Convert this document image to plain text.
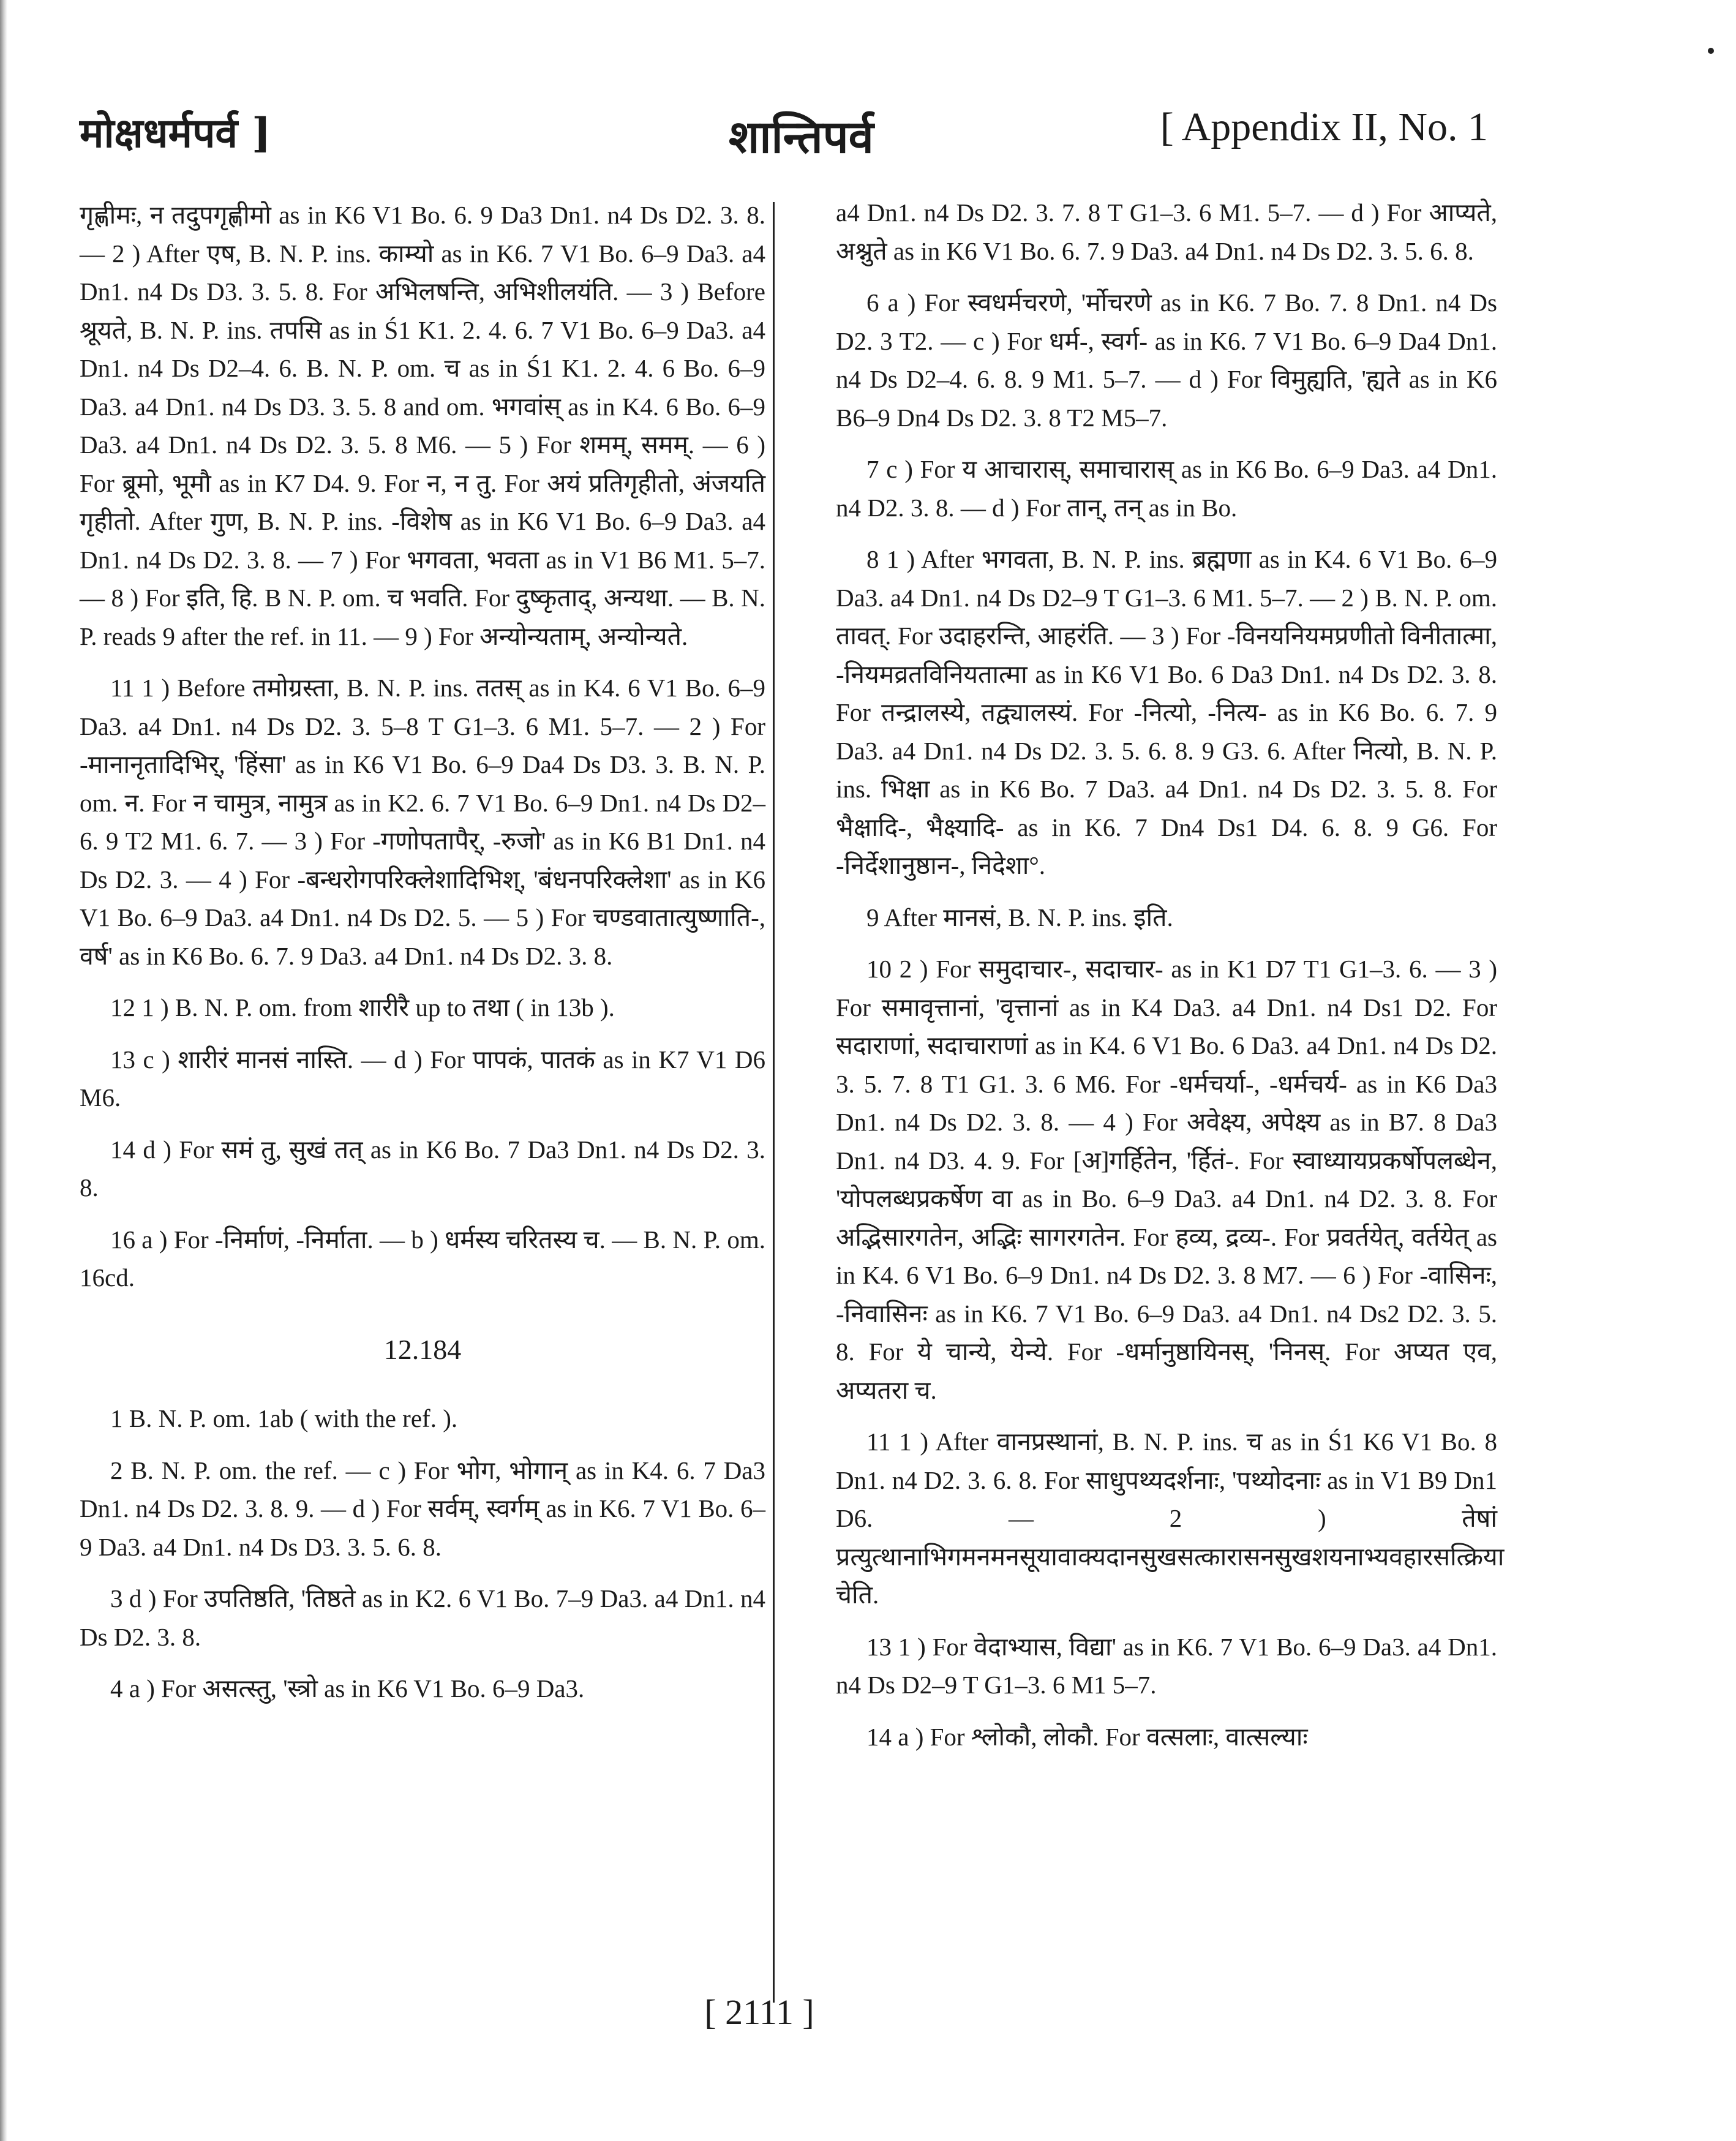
मोक्षधर्मपर्व ]	शान्तिपर्व	[ Appendix II, No. 1

गृह्णीमः, न तदुपगृह्णीमो as in K6 V1 Bo. 6. 9 Da3 Dn1. n4 Ds D2. 3. 8. — 2 ) After एष, B. N. P. ins. काम्यो as in K6. 7 V1 Bo. 6–9 Da3. a4 Dn1. n4 Ds D3. 3. 5. 8. For अभिलषन्ति, अभिशीलयंति. — 3 ) Before श्रूयते, B. N. P. ins. तपसि as in Ś1 K1. 2. 4. 6. 7 V1 Bo. 6–9 Da3. a4 Dn1. n4 Ds D2–4. 6. B. N. P. om. च as in Ś1 K1. 2. 4. 6 Bo. 6–9 Da3. a4 Dn1. n4 Ds D3. 3. 5. 8 and om. भगवांस् as in K4. 6 Bo. 6–9 Da3. a4 Dn1. n4 Ds D2. 3. 5. 8 M6. — 5 ) For शमम्, समम्. — 6 ) For ब्रूमो, भूमौ as in K7 D4. 9. For न, न तु. For अयं प्रतिगृहीतो, अंजयति गृहीतो. After गुण, B. N. P. ins. -विशेष as in K6 V1 Bo. 6–9 Da3. a4 Dn1. n4 Ds D2. 3. 8. — 7 ) For भगवता, भवता as in V1 B6 M1. 5–7. — 8 ) For इति, हि. B N. P. om. च भवति. For दुष्कृताद्, अन्यथा. — B. N. P. reads 9 after the ref. in 11. — 9 ) For अन्योन्यताम्, अन्योन्यते.

11 1 ) Before तमोग्रस्ता, B. N. P. ins. ततस् as in K4. 6 V1 Bo. 6–9 Da3. a4 Dn1. n4 Ds D2. 3. 5–8 T G1–3. 6 M1. 5–7. — 2 ) For -मानानृतादिभिर्, 'हिंसा' as in K6 V1 Bo. 6–9 Da4 Ds D3. 3. B. N. P. om. न. For न चामुत्र, नामुत्र as in K2. 6. 7 V1 Bo. 6–9 Dn1. n4 Ds D2–6. 9 T2 M1. 6. 7. — 3 ) For -गणोपतापैर्, -रुजो' as in K6 B1 Dn1. n4 Ds D2. 3. — 4 ) For -बन्धरोगपरिक्लेशादिभिश्, 'बंधनपरिक्लेशा' as in K6 V1 Bo. 6–9 Da3. a4 Dn1. n4 Ds D2. 5. — 5 ) For चण्डवातात्युष्णाति-, वर्ष' as in K6 Bo. 6. 7. 9 Da3. a4 Dn1. n4 Ds D2. 3. 8.

12 1 ) B. N. P. om. from शारीरै up to तथा ( in 13b ).

13 c ) शारीरं मानसं नास्ति. — d ) For पापकं, पातकं as in K7 V1 D6 M6.

14 d ) For समं तु, सुखं तत् as in K6 Bo. 7 Da3 Dn1. n4 Ds D2. 3. 8.

16 a ) For -निर्माणं, -निर्माता. — b ) धर्मस्य चरितस्य च. — B. N. P. om. 16cd.

12.184

1 B. N. P. om. 1ab ( with the ref. ).

2 B. N. P. om. the ref. — c ) For भोग, भोगान् as in K4. 6. 7 Da3 Dn1. n4 Ds D2. 3. 8. 9. — d ) For सर्वम्, स्वर्गम् as in K6. 7 V1 Bo. 6–9 Da3. a4 Dn1. n4 Ds D3. 3. 5. 6. 8.

3 d ) For उपतिष्ठति, 'तिष्ठते as in K2. 6 V1 Bo. 7–9 Da3. a4 Dn1. n4 Ds D2. 3. 8.

4 a ) For असत्स्तु, 'स्त्रो as in K6 V1 Bo. 6–9 Da3.

a4 Dn1. n4 Ds D2. 3. 7. 8 T G1–3. 6 M1. 5–7. — d ) For आप्यते, अश्नुते as in K6 V1 Bo. 6. 7. 9 Da3. a4 Dn1. n4 Ds D2. 3. 5. 6. 8.

6 a ) For स्वधर्मचरणे, 'र्मोचरणे as in K6. 7 Bo. 7. 8 Dn1. n4 Ds D2. 3 T2. — c ) For धर्म-, स्वर्ग- as in K6. 7 V1 Bo. 6–9 Da4 Dn1. n4 Ds D2–4. 6. 8. 9 M1. 5–7. — d ) For विमुह्यति, 'ह्यते as in K6 B6–9 Dn4 Ds D2. 3. 8 T2 M5–7.

7 c ) For य आचारास्, समाचारास् as in K6 Bo. 6–9 Da3. a4 Dn1. n4 D2. 3. 8. — d ) For तान्, तन् as in Bo.

8 1 ) After भगवता, B. N. P. ins. ब्रह्मणा as in K4. 6 V1 Bo. 6–9 Da3. a4 Dn1. n4 Ds D2–9 T G1–3. 6 M1. 5–7. — 2 ) B. N. P. om. तावत्. For उदाहरन्ति, आहरंति. — 3 ) For -विनयनियमप्रणीतो विनीतात्मा, -नियमव्रतविनियतात्मा as in K6 V1 Bo. 6 Da3 Dn1. n4 Ds D2. 3. 8. For तन्द्रालस्ये, तद्व्यालस्यं. For -नित्यो, -नित्य- as in K6 Bo. 6. 7. 9 Da3. a4 Dn1. n4 Ds D2. 3. 5. 6. 8. 9 G3. 6. After नित्यो, B. N. P. ins. भिक्षा as in K6 Bo. 7 Da3. a4 Dn1. n4 Ds D2. 3. 5. 8. For भैक्षादि-, भैक्ष्यादि- as in K6. 7 Dn4 Ds1 D4. 6. 8. 9 G6. For -निर्देशानुष्ठान-, निदेशा°.

9 After मानसं, B. N. P. ins. इति.

10 2 ) For समुदाचार-, सदाचार- as in K1 D7 T1 G1–3. 6. — 3 ) For समावृत्तानां, 'वृत्तानां as in K4 Da3. a4 Dn1. n4 Ds1 D2. For सदाराणां, सदाचाराणां as in K4. 6 V1 Bo. 6 Da3. a4 Dn1. n4 Ds D2. 3. 5. 7. 8 T1 G1. 3. 6 M6. For -धर्मचर्या-, -धर्मचर्य- as in K6 Da3 Dn1. n4 Ds D2. 3. 8. — 4 ) For अवेक्ष्य, अपेक्ष्य as in B7. 8 Da3 Dn1. n4 D3. 4. 9. For [अ]गर्हितेन, 'र्हितं-. For स्वाध्यायप्रकर्षोपलब्धेन, 'योपलब्धप्रकर्षेण वा as in Bo. 6–9 Da3. a4 Dn1. n4 D2. 3. 8. For अद्भिसारगतेन, अद्भिः सागरगतेन. For हव्य, द्रव्य-. For प्रवर्तयेत्, वर्तयेत् as in K4. 6 V1 Bo. 6–9 Dn1. n4 Ds D2. 3. 8 M7. — 6 ) For -वासिनः, -निवासिनः as in K6. 7 V1 Bo. 6–9 Da3. a4 Dn1. n4 Ds2 D2. 3. 5. 8. For ये चान्ये, येन्ये. For -धर्मानुष्ठायिनस्, 'निनस्. For अप्यत एव, अप्यतरा च.

11 1 ) After वानप्रस्थानां, B. N. P. ins. च as in Ś1 K6 V1 Bo. 8 Dn1. n4 D2. 3. 6. 8. For साधुपथ्यदर्शनाः, 'पथ्योदनाः as in V1 B9 Dn1 D6. — 2 ) तेषां प्रत्युत्थानाभिगमनमनसूयावाक्यदानसुखसत्कारासनसुखशयनाभ्यवहारसत्क्रिया चेति.

13 1 ) For वेदाभ्यास, विद्या' as in K6. 7 V1 Bo. 6–9 Da3. a4 Dn1. n4 Ds D2–9 T G1–3. 6 M1 5–7.

14 a ) For श्लोकौ, लोकौ. For वत्सलाः, वात्सल्याः

[ 2111 ]
